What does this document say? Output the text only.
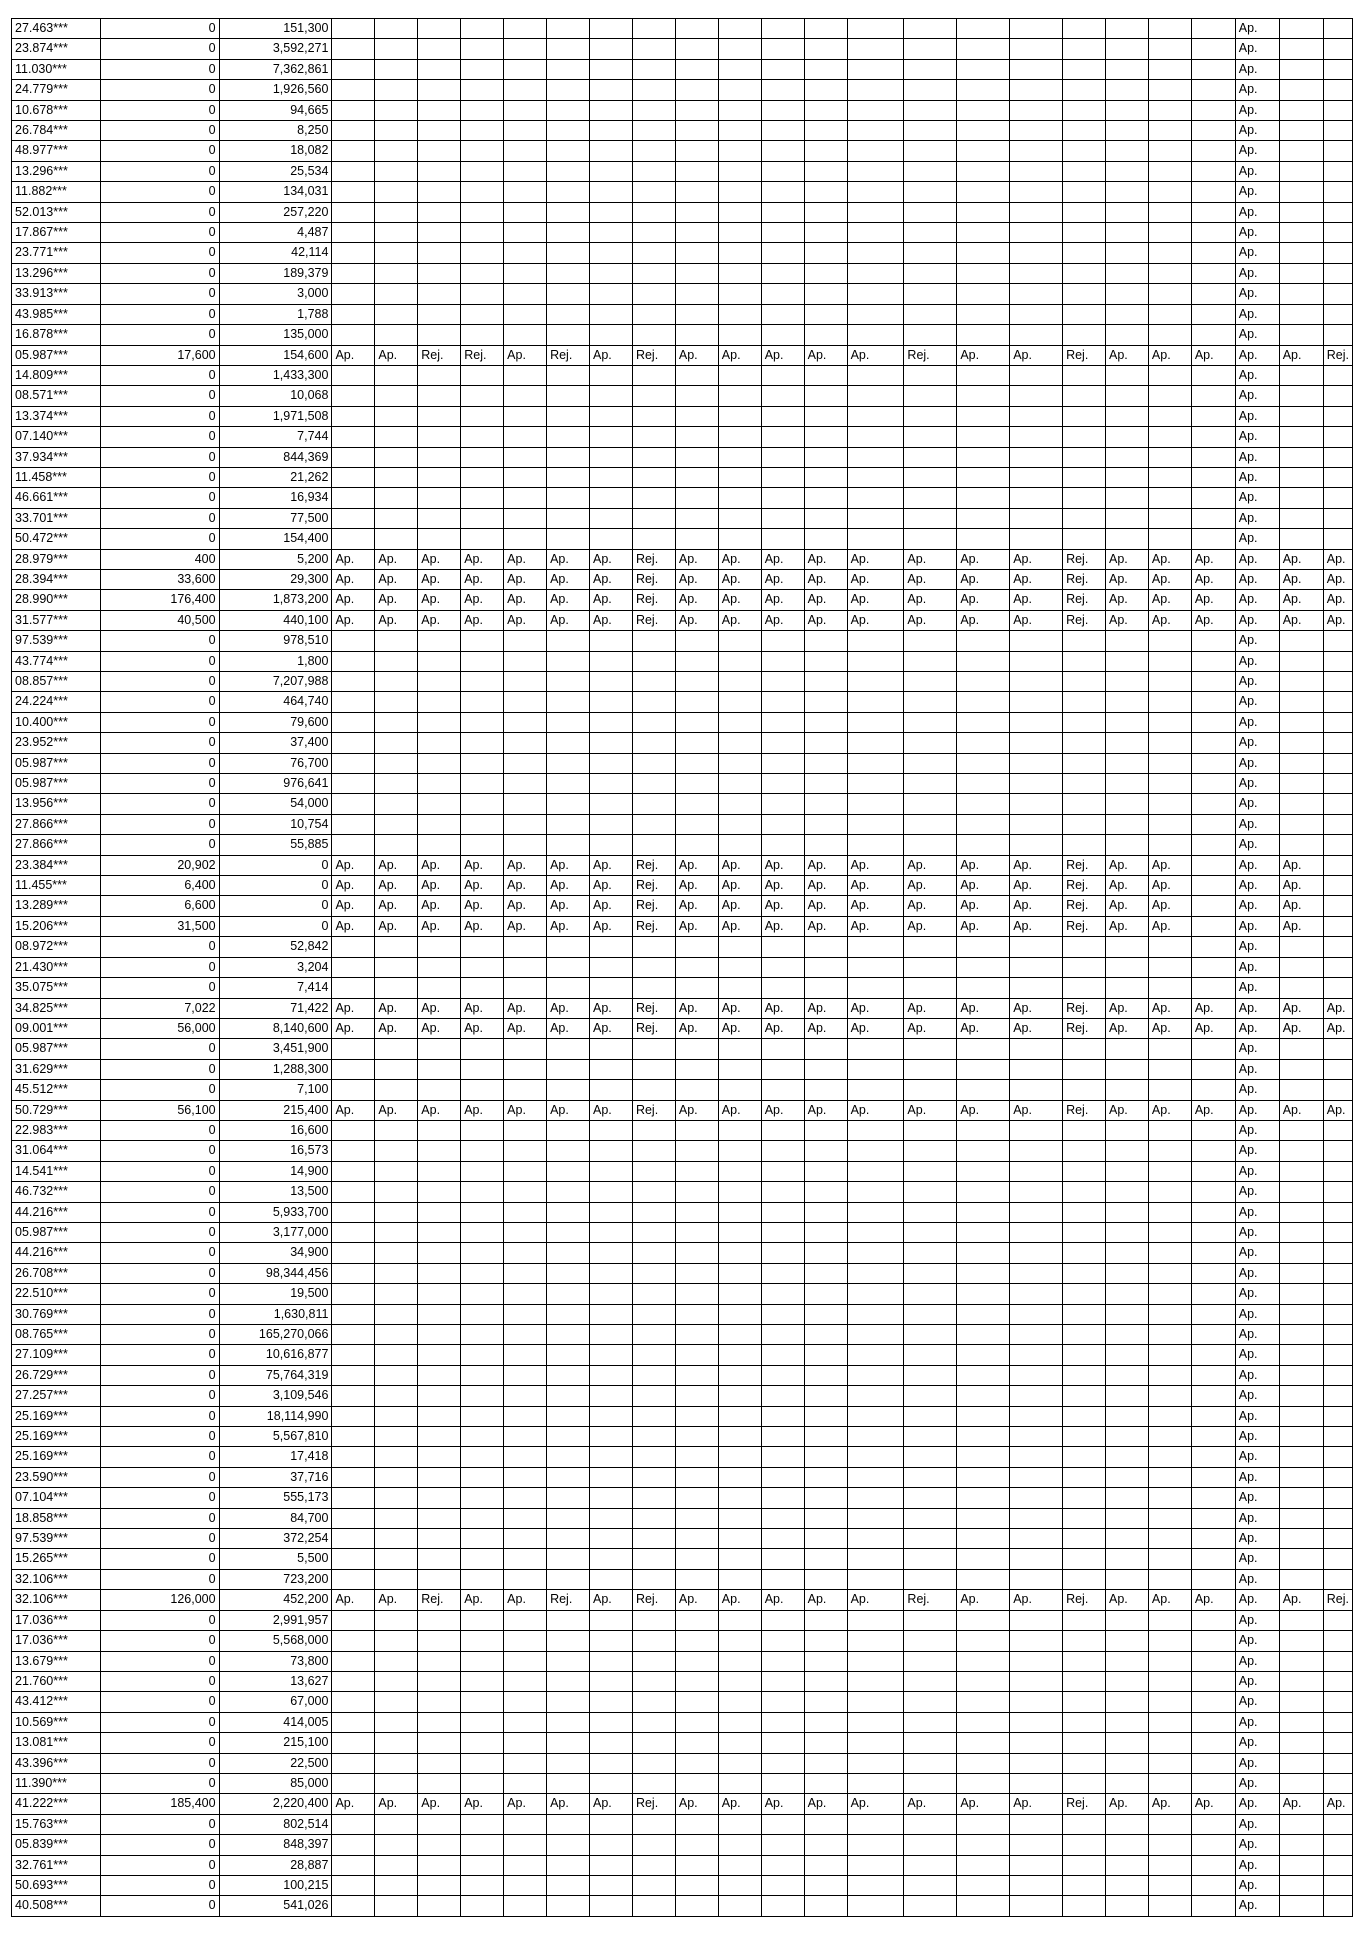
27.463***	0	151,300																					Ap.		
23.874***	0	3,592,271																					Ap.		
11.030***	0	7,362,861																					Ap.		
24.779***	0	1,926,560																					Ap.		
10.678***	0	94,665																					Ap.		
26.784***	0	8,250																					Ap.		
48.977***	0	18,082																					Ap.		
13.296***	0	25,534																					Ap.		
11.882***	0	134,031																					Ap.		
52.013***	0	257,220																					Ap.		
17.867***	0	4,487																					Ap.		
23.771***	0	42,114																					Ap.		
13.296***	0	189,379																					Ap.		
33.913***	0	3,000																					Ap.		
43.985***	0	1,788																					Ap.		
16.878***	0	135,000																					Ap.		
05.987***	17,600	154,600	Ap.	Ap.	Rej.	Rej.	Ap.	Rej.	Ap.	Rej.	Ap.	Ap.	Ap.	Ap.	Ap.	Rej.	Ap.	Ap.	Rej.	Ap.	Ap.	Ap.	Ap.	Ap.	Rej.
14.809***	0	1,433,300																					Ap.		
08.571***	0	10,068																					Ap.		
13.374***	0	1,971,508																					Ap.		
07.140***	0	7,744																					Ap.		
37.934***	0	844,369																					Ap.		
11.458***	0	21,262																					Ap.		
46.661***	0	16,934																					Ap.		
33.701***	0	77,500																					Ap.		
50.472***	0	154,400																					Ap.		
28.979***	400	5,200	Ap.	Ap.	Ap.	Ap.	Ap.	Ap.	Ap.	Rej.	Ap.	Ap.	Ap.	Ap.	Ap.	Ap.	Ap.	Ap.	Rej.	Ap.	Ap.	Ap.	Ap.	Ap.	Ap.
28.394***	33,600	29,300	Ap.	Ap.	Ap.	Ap.	Ap.	Ap.	Ap.	Rej.	Ap.	Ap.	Ap.	Ap.	Ap.	Ap.	Ap.	Ap.	Rej.	Ap.	Ap.	Ap.	Ap.	Ap.	Ap.
28.990***	176,400	1,873,200	Ap.	Ap.	Ap.	Ap.	Ap.	Ap.	Ap.	Rej.	Ap.	Ap.	Ap.	Ap.	Ap.	Ap.	Ap.	Ap.	Rej.	Ap.	Ap.	Ap.	Ap.	Ap.	Ap.
31.577***	40,500	440,100	Ap.	Ap.	Ap.	Ap.	Ap.	Ap.	Ap.	Rej.	Ap.	Ap.	Ap.	Ap.	Ap.	Ap.	Ap.	Ap.	Rej.	Ap.	Ap.	Ap.	Ap.	Ap.	Ap.
97.539***	0	978,510																					Ap.		
43.774***	0	1,800																					Ap.		
08.857***	0	7,207,988																					Ap.		
24.224***	0	464,740																					Ap.		
10.400***	0	79,600																					Ap.		
23.952***	0	37,400																					Ap.		
05.987***	0	76,700																					Ap.		
05.987***	0	976,641																					Ap.		
13.956***	0	54,000																					Ap.		
27.866***	0	10,754																					Ap.		
27.866***	0	55,885																					Ap.		
23.384***	20,902	0	Ap.	Ap.	Ap.	Ap.	Ap.	Ap.	Ap.	Rej.	Ap.	Ap.	Ap.	Ap.	Ap.	Ap.	Ap.	Ap.	Rej.	Ap.	Ap.		Ap.	Ap.	
11.455***	6,400	0	Ap.	Ap.	Ap.	Ap.	Ap.	Ap.	Ap.	Rej.	Ap.	Ap.	Ap.	Ap.	Ap.	Ap.	Ap.	Ap.	Rej.	Ap.	Ap.		Ap.	Ap.	
13.289***	6,600	0	Ap.	Ap.	Ap.	Ap.	Ap.	Ap.	Ap.	Rej.	Ap.	Ap.	Ap.	Ap.	Ap.	Ap.	Ap.	Ap.	Rej.	Ap.	Ap.		Ap.	Ap.	
15.206***	31,500	0	Ap.	Ap.	Ap.	Ap.	Ap.	Ap.	Ap.	Rej.	Ap.	Ap.	Ap.	Ap.	Ap.	Ap.	Ap.	Ap.	Rej.	Ap.	Ap.		Ap.	Ap.	
08.972***	0	52,842																					Ap.		
21.430***	0	3,204																					Ap.		
35.075***	0	7,414																					Ap.		
34.825***	7,022	71,422	Ap.	Ap.	Ap.	Ap.	Ap.	Ap.	Ap.	Rej.	Ap.	Ap.	Ap.	Ap.	Ap.	Ap.	Ap.	Ap.	Rej.	Ap.	Ap.	Ap.	Ap.	Ap.	Ap.
09.001***	56,000	8,140,600	Ap.	Ap.	Ap.	Ap.	Ap.	Ap.	Ap.	Rej.	Ap.	Ap.	Ap.	Ap.	Ap.	Ap.	Ap.	Ap.	Rej.	Ap.	Ap.	Ap.	Ap.	Ap.	Ap.
05.987***	0	3,451,900																					Ap.		
31.629***	0	1,288,300																					Ap.		
45.512***	0	7,100																					Ap.		
50.729***	56,100	215,400	Ap.	Ap.	Ap.	Ap.	Ap.	Ap.	Ap.	Rej.	Ap.	Ap.	Ap.	Ap.	Ap.	Ap.	Ap.	Ap.	Rej.	Ap.	Ap.	Ap.	Ap.	Ap.	Ap.
22.983***	0	16,600																					Ap.		
31.064***	0	16,573																					Ap.		
14.541***	0	14,900																					Ap.		
46.732***	0	13,500																					Ap.		
44.216***	0	5,933,700																					Ap.		
05.987***	0	3,177,000																					Ap.		
44.216***	0	34,900																					Ap.		
26.708***	0	98,344,456																					Ap.		
22.510***	0	19,500																					Ap.		
30.769***	0	1,630,811																					Ap.		
08.765***	0	165,270,066																					Ap.		
27.109***	0	10,616,877																					Ap.		
26.729***	0	75,764,319																					Ap.		
27.257***	0	3,109,546																					Ap.		
25.169***	0	18,114,990																					Ap.		
25.169***	0	5,567,810																					Ap.		
25.169***	0	17,418																					Ap.		
23.590***	0	37,716																					Ap.		
07.104***	0	555,173																					Ap.		
18.858***	0	84,700																					Ap.		
97.539***	0	372,254																					Ap.		
15.265***	0	5,500																					Ap.		
32.106***	0	723,200																					Ap.		
32.106***	126,000	452,200	Ap.	Ap.	Rej.	Ap.	Ap.	Rej.	Ap.	Rej.	Ap.	Ap.	Ap.	Ap.	Ap.	Rej.	Ap.	Ap.	Rej.	Ap.	Ap.	Ap.	Ap.	Ap.	Rej.
17.036***	0	2,991,957																					Ap.		
17.036***	0	5,568,000																					Ap.		
13.679***	0	73,800																					Ap.		
21.760***	0	13,627																					Ap.		
43.412***	0	67,000																					Ap.		
10.569***	0	414,005																					Ap.		
13.081***	0	215,100																					Ap.		
43.396***	0	22,500																					Ap.		
11.390***	0	85,000																					Ap.		
41.222***	185,400	2,220,400	Ap.	Ap.	Ap.	Ap.	Ap.	Ap.	Ap.	Rej.	Ap.	Ap.	Ap.	Ap.	Ap.	Ap.	Ap.	Ap.	Rej.	Ap.	Ap.	Ap.	Ap.	Ap.	Ap.
15.763***	0	802,514																					Ap.		
05.839***	0	848,397																					Ap.		
32.761***	0	28,887																					Ap.		
50.693***	0	100,215																					Ap.		
40.508***	0	541,026																					Ap.		
